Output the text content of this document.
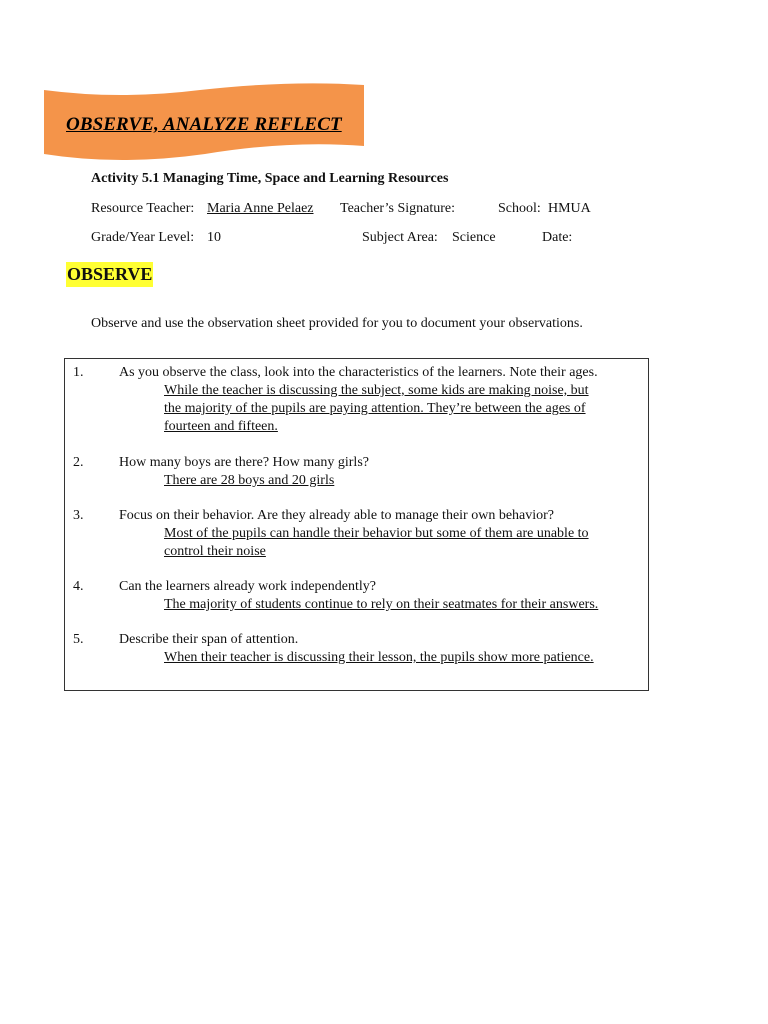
OBSERVE, ANALYZE REFLECT
Activity 5.1 Managing Time, Space and Learning Resources
Resource Teacher: Maria Anne Pelaez Teacher’s Signature:	School: HMUA
Grade/Year Level: 10	Subject Area: Science	Date:
OBSERVE
Observe and use the observation sheet provided for you to document your observations.
1.	As you observe the class, look into the characteristics of the learners. Note their ages.
While the teacher is discussing the subject, some kids are making noise, but
the majority of the pupils are paying attention. They’re between the ages of
fourteen and fifteen.
2.	How many boys are there? How many girls?
There are 28 boys and 20 girls
3.	Focus on their behavior. Are they already able to manage their own behavior?
Most of the pupils can handle their behavior but some of them are unable to
control their noise
4.	Can the learners already work independently?
The majority of students continue to rely on their seatmates for their answers.
5.	Describe their span of attention.
When their teacher is discussing their lesson, the pupils show more patience.
